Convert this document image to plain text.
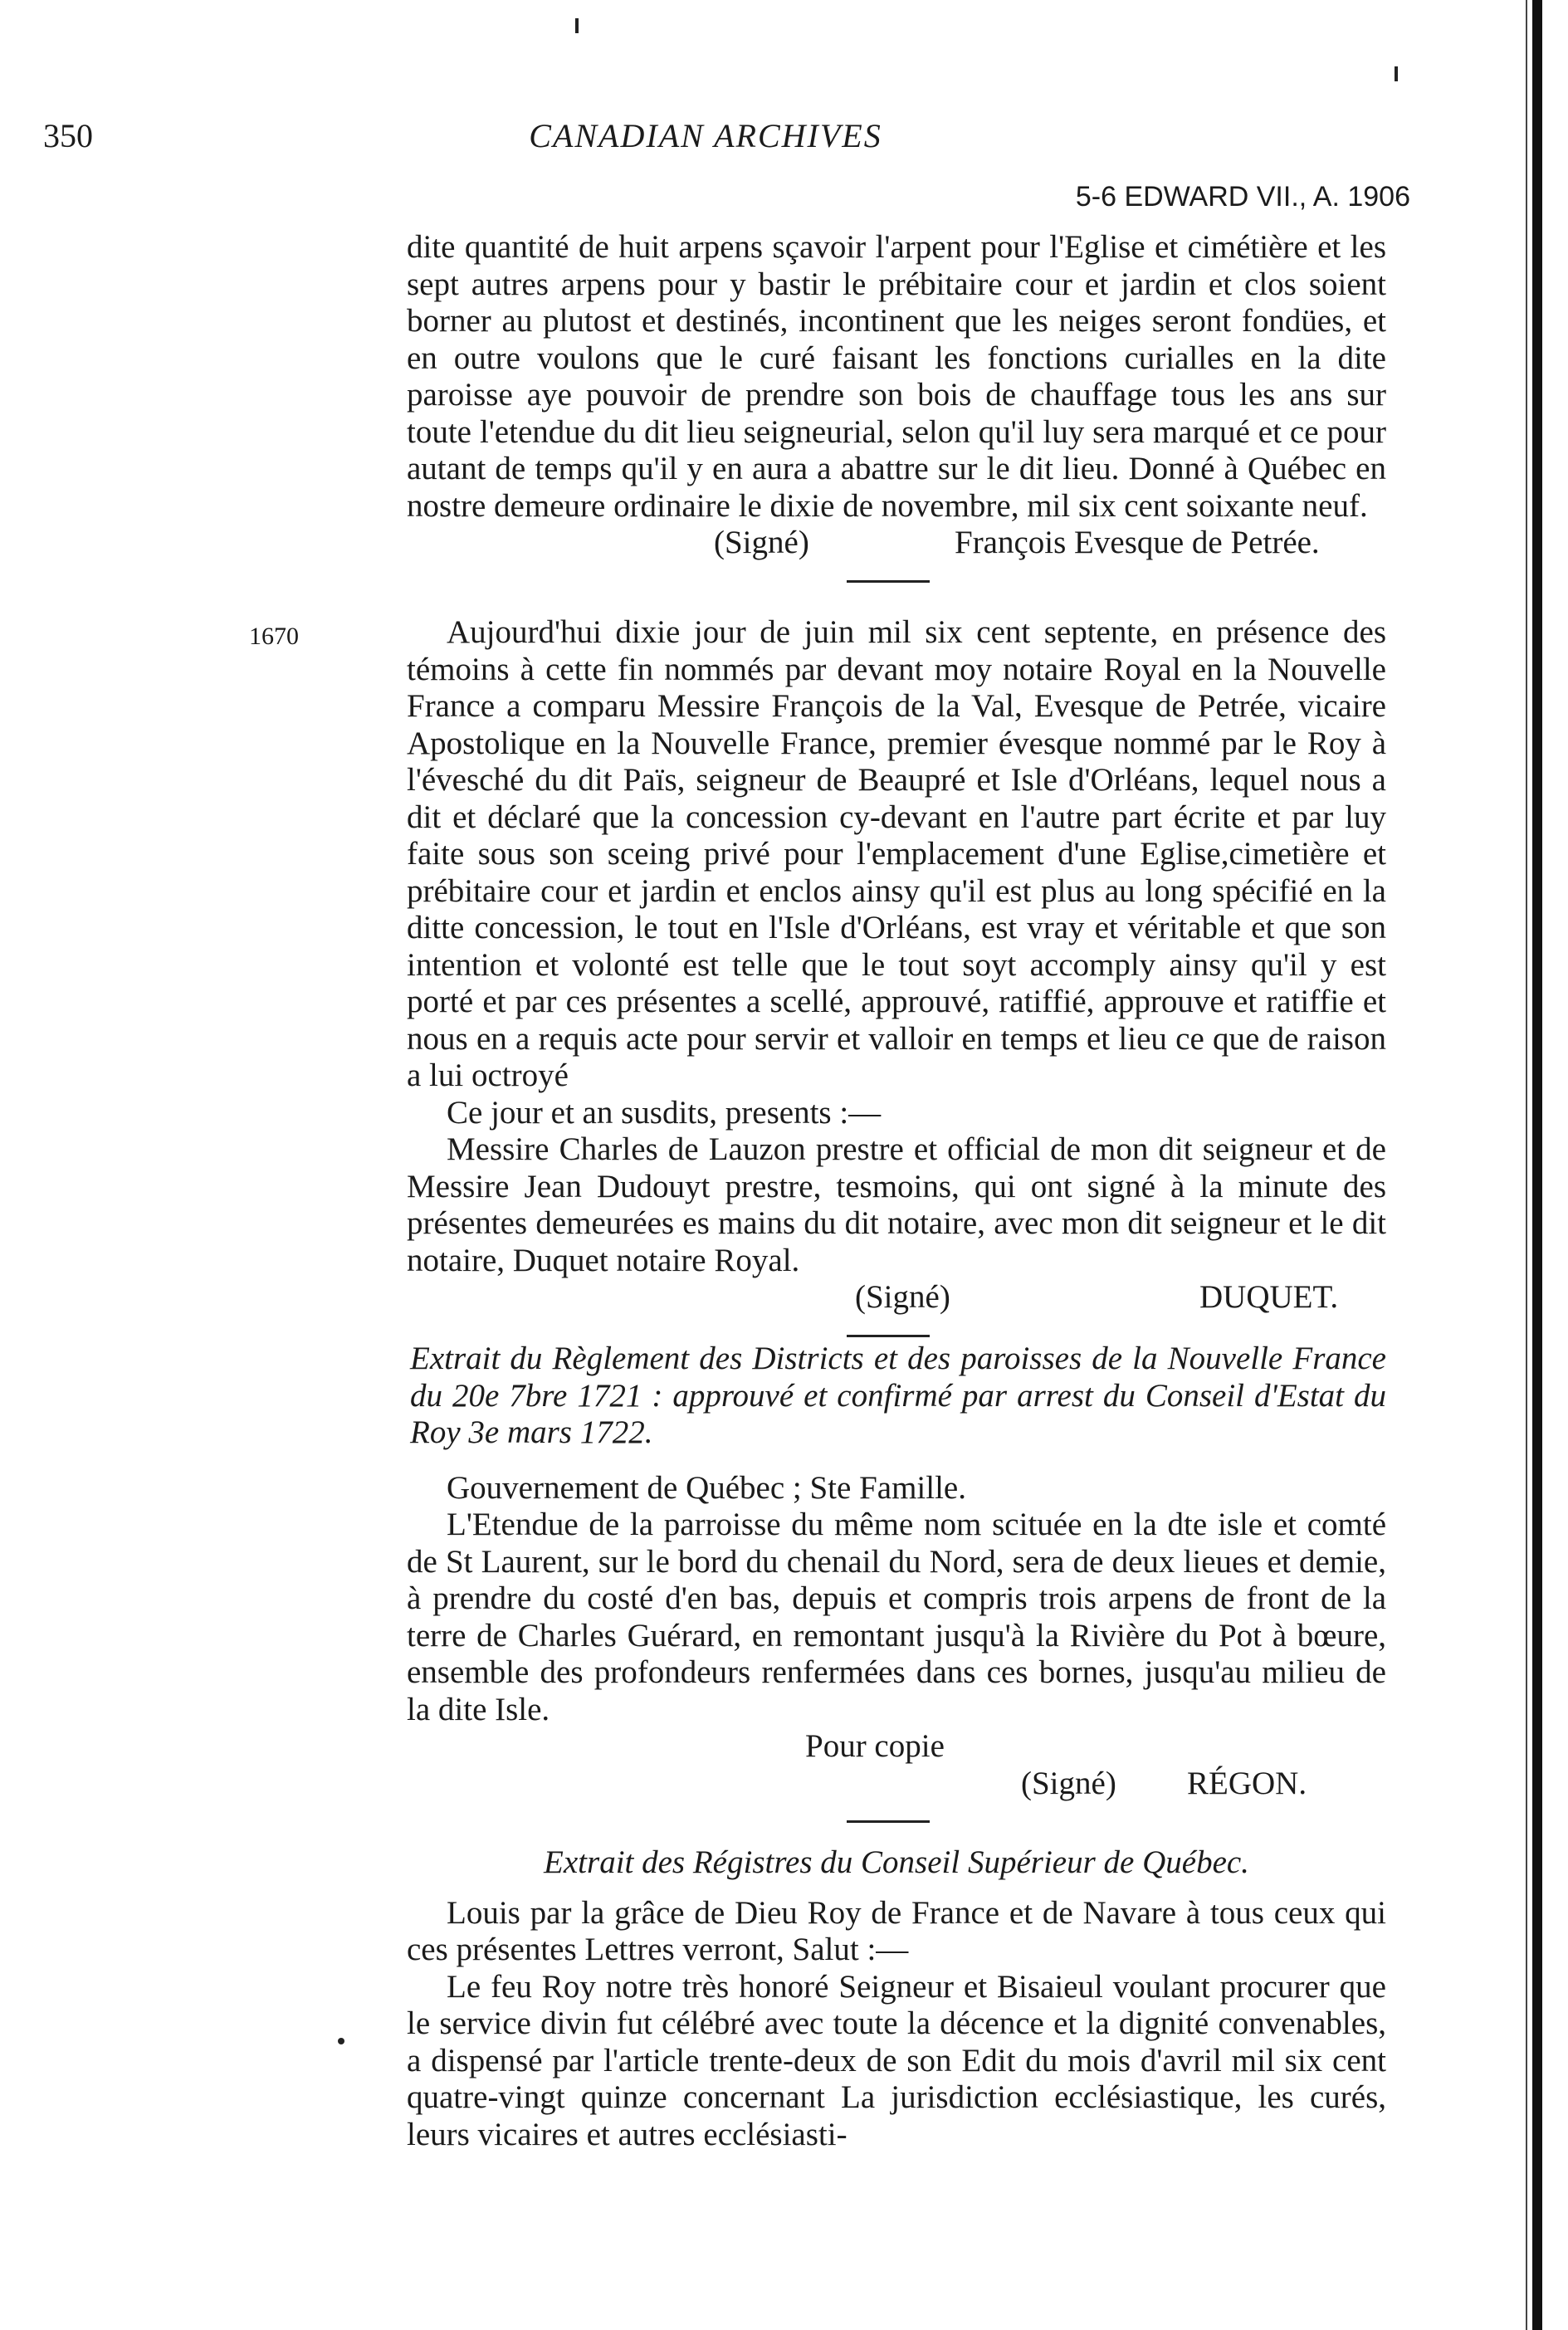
350	CANADIAN ARCHIVES
5-6 EDWARD VII., A. 1906
1670

dite quantité de huit arpens sçavoir l'arpent pour l'Eglise et cimétière et les sept autres arpens pour y bastir le prébitaire cour et jardin et clos soient borner au plutost et destinés, incontinent que les neiges seront fondües, et en outre voulons que le curé faisant les fonctions curialles en la dite paroisse aye pouvoir de prendre son bois de chauffage tous les ans sur toute l'etendue du dit lieu seigneurial, selon qu'il luy sera marqué et ce pour autant de temps qu'il y en aura a abattre sur le dit lieu. Donné à Québec en nostre demeure ordinaire le dixie de novembre, mil six cent soixante neuf.

(Signé)	François Evesque de Petrée.

Aujourd'hui dixie jour de juin mil six cent septente, en présence des témoins à cette fin nommés par devant moy notaire Royal en la Nouvelle France a comparu Messire François de la Val, Evesque de Petrée, vicaire Apostolique en la Nouvelle France, premier évesque nommé par le Roy à l'évesché du dit Païs, seigneur de Beaupré et Isle d'Orléans, lequel nous a dit et déclaré que la concession cy-devant en l'autre part écrite et par luy faite sous son sceing privé pour l'emplacement d'une Eglise,cimetière et prébitaire cour et jardin et enclos ainsy qu'il est plus au long spécifié en la ditte concession, le tout en l'Isle d'Orléans, est vray et véritable et que son intention et volonté est telle que le tout soyt accomply ainsy qu'il y est porté et par ces présentes a scellé, approuvé, ratiffié, approuve et ratiffie et nous en a requis acte pour servir et valloir en temps et lieu ce que de raison a lui octroyé

Ce jour et an susdits, presents :—

Messire Charles de Lauzon prestre et official de mon dit seigneur et de Messire Jean Dudouyt prestre, tesmoins, qui ont signé à la minute des présentes demeurées es mains du dit notaire, avec mon dit seigneur et le dit notaire, Duquet notaire Royal.

(Signé)	DUQUET.
Extrait du Règlement des Districts et des paroisses de la Nouvelle France du 20e 7bre 1721 : approuvé et confirmé par arrest du Conseil d'Estat du Roy 3e mars 1722.

Gouvernement de Québec ; Ste Famille.

L'Etendue de la parroisse du même nom scituée en la dte isle et comté de St Laurent, sur le bord du chenail du Nord, sera de deux lieues et demie, à prendre du costé d'en bas, depuis et compris trois arpens de front de la terre de Charles Guérard, en remontant jusqu'à la Rivière du Pot à bœure, ensemble des profondeurs renfermées dans ces bornes, jusqu'au milieu de la dite Isle.

Pour copie
(Signé) RÉGON.
Extrait des Régistres du Conseil Supérieur de Québec.

Louis par la grâce de Dieu Roy de France et de Navare à tous ceux qui ces présentes Lettres verront, Salut :—

Le feu Roy notre très honoré Seigneur et Bisaieul voulant procurer que le service divin fut célébré avec toute la décence et la dignité convenables, a dispensé par l'article trente-deux de son Edit du mois d'avril mil six cent quatre-vingt quinze concernant La jurisdiction ecclésiastique, les curés, leurs vicaires et autres ecclésiasti-
